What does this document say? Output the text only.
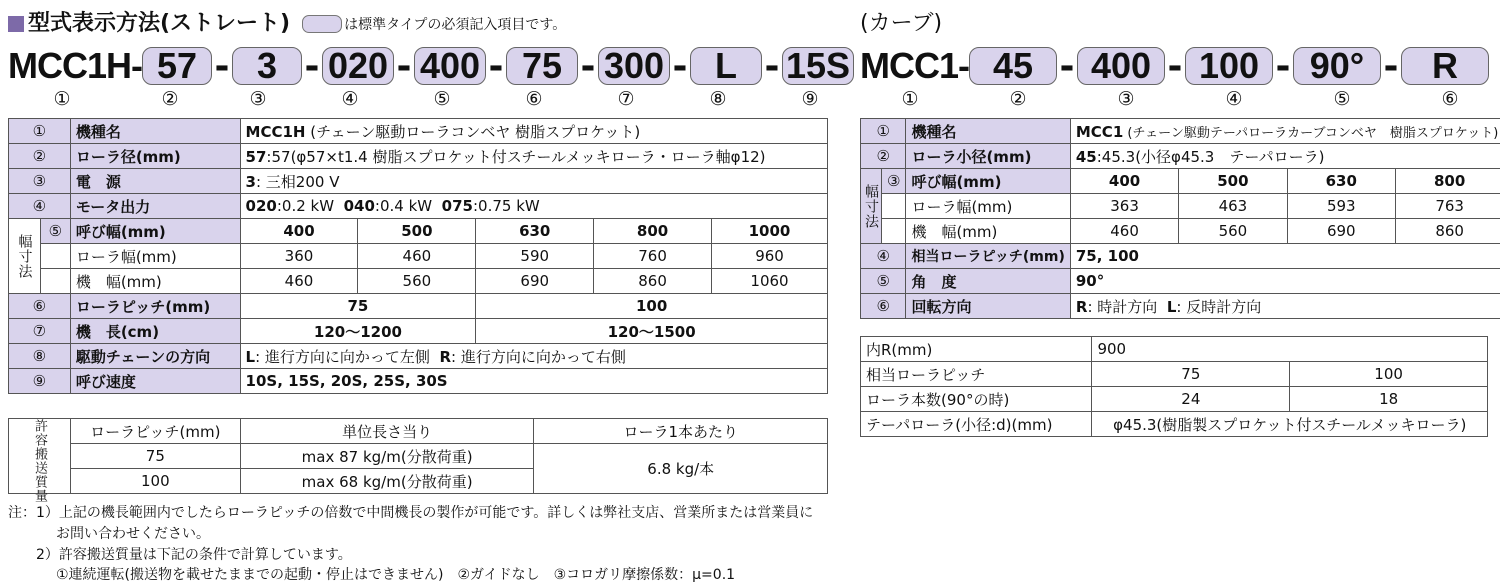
型式表示方法(ストレート)	は標準タイプの必須記入項目です。
MCC1H- 57 - 3 - 020 - 400 - 75 - 300 - L - 15S
①	②	③	④	⑤	⑥	⑦	⑧	⑨
①		機種名	MCC1H (チェーン駆動ローラコンベヤ 樹脂スプロケット)				
②		ローラ径(mm)	57:57(φ57×t1.4 樹脂スプロケット付スチールメッキローラ・ローラ軸φ12)				
③		電　源	3: 三相200 V				
④		モータ出力	020:0.2 kW 040:0.4 kW 075:0.75 kW				
幅寸法	⑤	呼び幅(mm)	400	500	630	800	1000
		ローラ幅(mm)	360	460	590	760	960
		機　幅(mm)	460	560	690	860	1060
⑥		ローラピッチ(mm)	75		100		
⑦		機　長(cm)	120～1200		120～1500		
⑧		駆動チェーンの方向	L: 進行方向に向かって左側 R: 進行方向に向かって右側				
⑨		呼び速度	10S, 15S, 20S, 25S, 30S				
許容搬送質量	ローラピッチ(mm)	単位長さ当り	ローラ1本あたり
	75	max 87 kg/m(分散荷重)	6.8 kg/本
	100	max 68 kg/m(分散荷重)	
注：1）上記の機長範囲内でしたらローラピッチの倍数で中間機長の製作が可能です。詳しくは弊社支店、営業所または営業員に
お問い合わせください。
2）許容搬送質量は下記の条件で計算しています。
①連続運転(搬送物を載せたままでの起動・停止はできません)　②ガイドなし　③コロガリ摩擦係数：μ=0.1
(カーブ)
MCC1- 45 - 400 - 100 - 90° - R
①	②	③	④	⑤	⑥
①		機種名	MCC1 (チェーン駆動テーパローラカーブコンベヤ　樹脂スプロケット)			
②		ローラ小径(mm)	45:45.3(小径φ45.3　テーパローラ)			
幅寸法	③	呼び幅(mm)	400	500	630	800
		ローラ幅(mm)	363	463	593	763
		機　幅(mm)	460	560	690	860
④		相当ローラピッチ(mm)	75, 100			
⑤		角　度	90°			
⑥		回転方向	R: 時計方向 L: 反時計方向			
内R(mm)	900	
相当ローラピッチ	75	100
ローラ本数(90°の時)	24	18
テーパローラ(小径:d)(mm)	φ45.3(樹脂製スプロケット付スチールメッキローラ)	
